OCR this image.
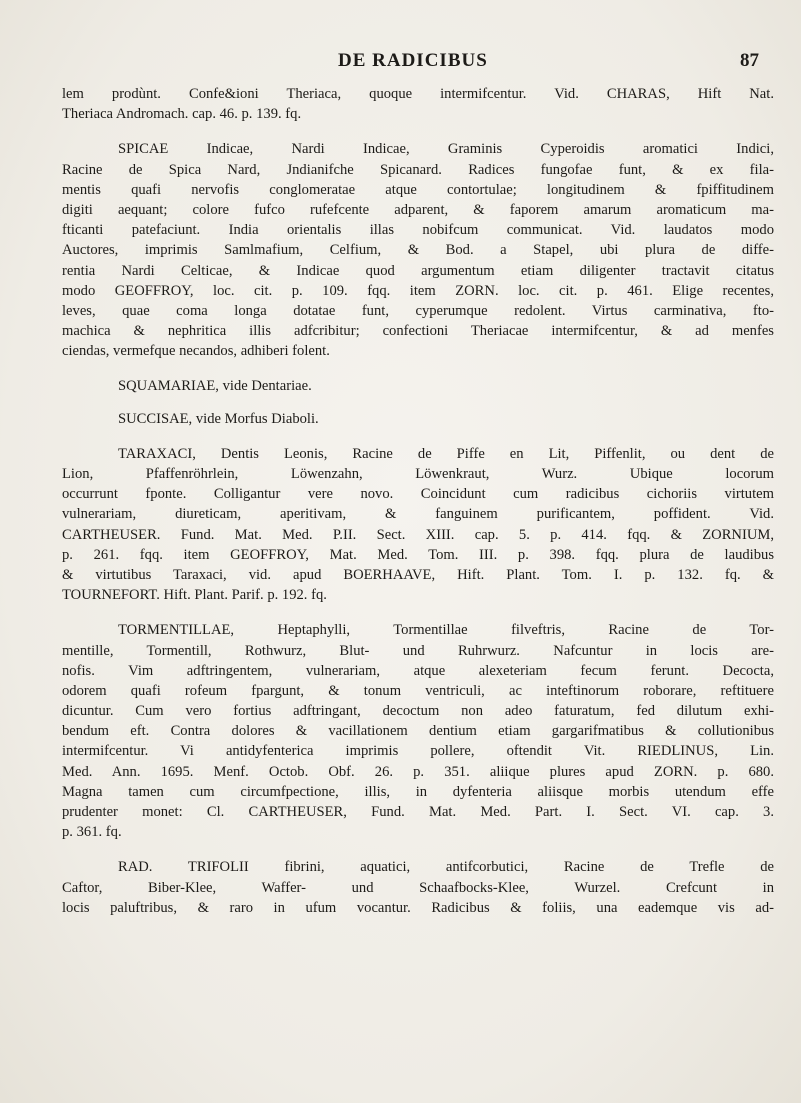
DE RADICIBUS	87
lem prodùnt. Confe&ioni Theriaca, quoque intermifcentur. Vid. CHARAS, Hift Nat.
Theriaca Andromach. cap. 46. p. 139. fq.
SPICAE Indicae, Nardi Indicae, Graminis Cyperoidis aromatici Indici,
Racine de Spica Nard, Jndianifche Spicanard. Radices fungofae funt, & ex fila-
mentis quafi nervofis conglomeratae atque contortulae; longitudinem & fpiffitudinem
digiti aequant; colore fufco rufefcente adparent, & faporem amarum aromaticum ma-
fticanti patefaciunt. India orientalis illas nobifcum communicat. Vid. laudatos modo
Auctores, imprimis Samlmafium, Celfium, & Bod. a Stapel, ubi plura de diffe-
rentia Nardi Celticae, & Indicae quod argumentum etiam diligenter tractavit citatus
modo GEOFFROY, loc. cit. p. 109. fqq. item ZORN. loc. cit. p. 461. Elige recentes,
leves, quae coma longa dotatae funt, cyperumque redolent. Virtus carminativa, fto-
machica & nephritica illis adfcribitur; confectioni Theriacae intermifcentur, & ad menfes
ciendas, vermefque necandos, adhiberi folent.
SQUAMARIAE, vide Dentariae.
SUCCISAE, vide Morfus Diaboli.
TARAXACI, Dentis Leonis, Racine de Piffe en Lit, Piffenlit, ou dent de
Lion, Pfaffenröhrlein, Löwenzahn, Löwenkraut, Wurz. Ubique locorum
occurrunt fponte. Colligantur vere novo. Coincidunt cum radicibus cichoriis virtutem
vulnerariam, diureticam, aperitivam, & fanguinem purificantem, poffident. Vid.
CARTHEUSER. Fund. Mat. Med. P.II. Sect. XIII. cap. 5. p. 414. fqq. & ZORNIUM,
p. 261. fqq. item GEOFFROY, Mat. Med. Tom. III. p. 398. fqq. plura de laudibus
& virtutibus Taraxaci, vid. apud BOERHAAVE, Hift. Plant. Tom. I. p. 132. fq. &
TOURNEFORT. Hift. Plant. Parif. p. 192. fq.
TORMENTILLAE, Heptaphylli, Tormentillae filveftris, Racine de Tor-
mentille, Tormentill, Rothwurz, Blut- und Ruhrwurz. Nafcuntur in locis are-
nofis. Vim adftringentem, vulnerariam, atque alexeteriam fecum ferunt. Decocta,
odorem quafi rofeum fpargunt, & tonum ventriculi, ac inteftinorum roborare, reftituere
dicuntur. Cum vero fortius adftringant, decoctum non adeo faturatum, fed dilutum exhi-
bendum eft. Contra dolores & vacillationem dentium etiam gargarifmatibus & collutionibus
intermifcentur. Vi antidyfenterica imprimis pollere, oftendit Vit. RIEDLINUS, Lin.
Med. Ann. 1695. Menf. Octob. Obf. 26. p. 351. aliique plures apud ZORN. p. 680.
Magna tamen cum circumfpectione, illis, in dyfenteria aliisque morbis utendum effe
prudenter monet: Cl. CARTHEUSER, Fund. Mat. Med. Part. I. Sect. VI. cap. 3.
p. 361. fq.
RAD. TRIFOLII fibrini, aquatici, antifcorbutici, Racine de Trefle de
Caftor, Biber-Klee, Waffer- und Schaafbocks-Klee, Wurzel. Crefcunt in
locis paluftribus, & raro in ufum vocantur. Radicibus & foliis, una eademque vis ad-
